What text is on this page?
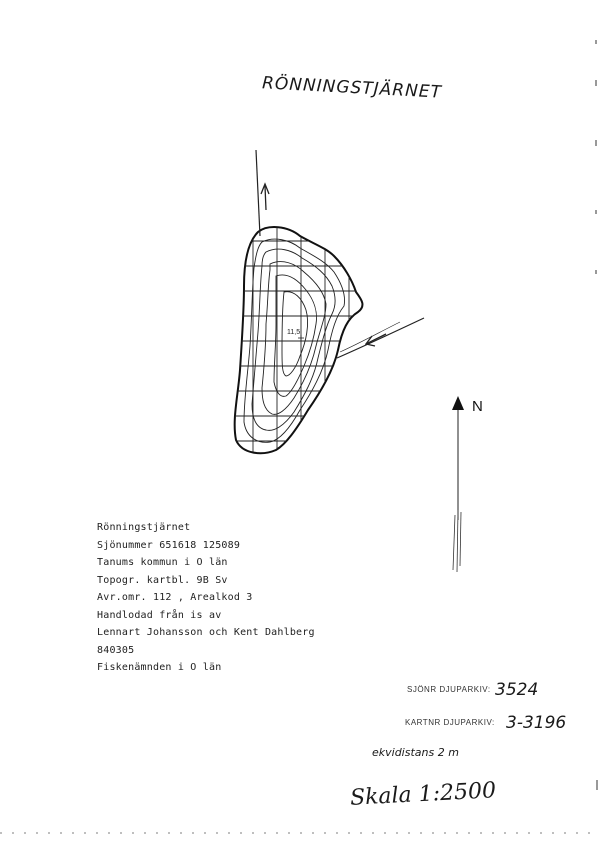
11,5
N
RÖNNINGSTJÄRNET
Rönningstjärnet
Sjönummer 651618 125089
Tanums kommun i O län
Topogr. kartbl. 9B Sv
Avr.omr. 112 , Arealkod 3
Handlodad från is av
Lennart Johansson och Kent Dahlberg
840305
Fiskenämnden i O län
SJÖNR DJUPARKIV: 3524
KARTNR DJUPARKIV: 3-3196
ekvidistans 2 m
Skala 1:2500
